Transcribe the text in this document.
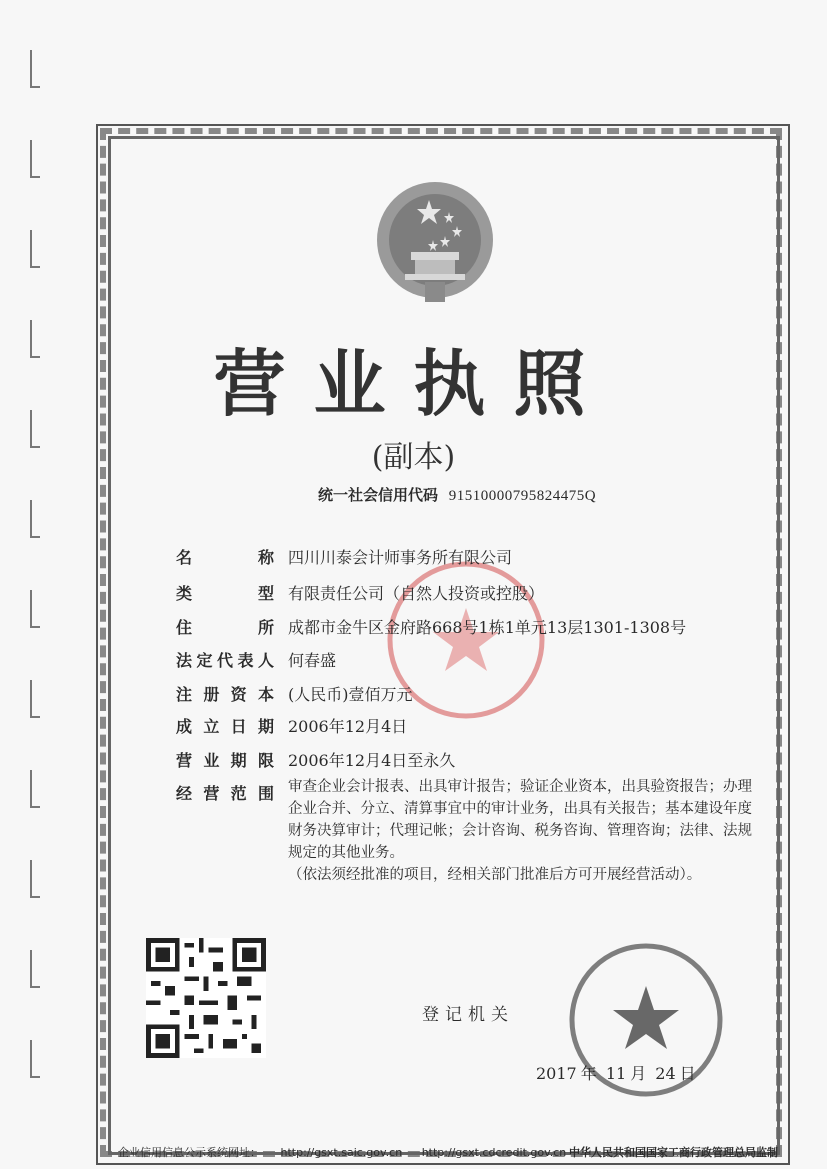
营业执照
(副本)
统一社会信用代码 91510000795824475Q
名称 四川川泰会计师事务所有限公司
类型 有限责任公司（自然人投资或控股）
住所 成都市金牛区金府路668号1栋1单元13层1301-1308号
法定代表人 何春盛
注册资本 (人民币)壹佰万元
成立日期 2006年12月4日
营业期限 2006年12月4日至永久
经营范围 审查企业会计报表、出具审计报告；验证企业资本，出具验资报告；办理企业合并、分立、清算事宜中的审计业务，出具有关报告；基本建设年度财务决算审计；代理记帐；会计咨询、税务咨询、管理咨询；法律、法规规定的其他业务。
（依法须经批准的项目，经相关部门批准后方可开展经营活动）。
登记机关
2017 年 11 月 24 日
企业信用信息公示系统网址： http://gsxt.saic.gov.cn http://gsxt.cdcredit.gov.cn 中华人民共和国国家工商行政管理总局监制
